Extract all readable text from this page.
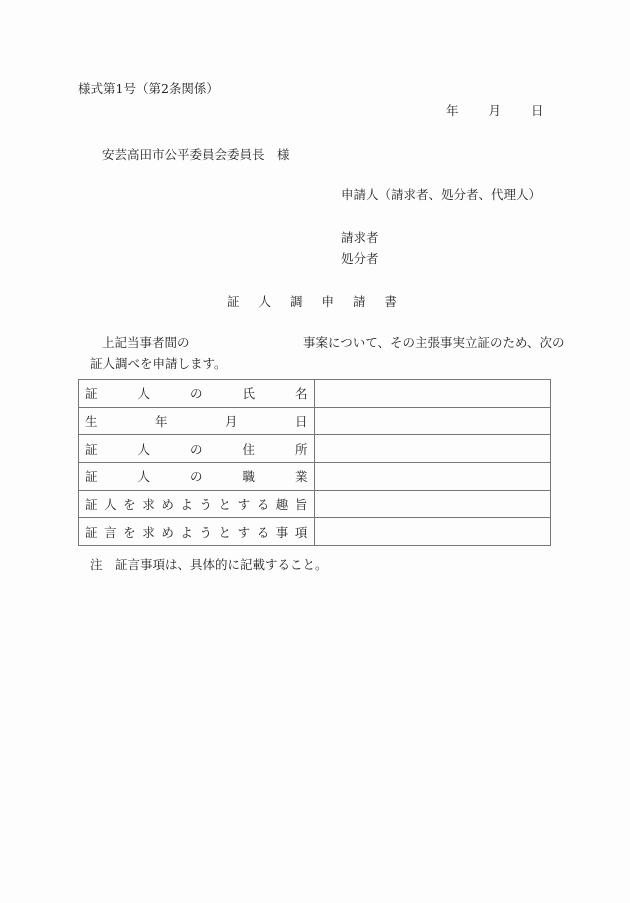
様式第1号（第2条関係）
年 月 日
安芸高田市公平委員会委員長　様
申請人（請求者、処分者、代理人）
請求者
処分者
証 人 調 申 請 書
上記当事者間の	事案について、その主張事実立証のため、次の
証人調べを申請します。
証 人 の 氏 名	

生 年 月 日	

証 人 の 住 所	

証 人 の 職 業	

証 人 を 求 め よ う と す る 趣 旨

証 言 を 求 め よ う と す る 事 項

注　証言事項は、具体的に記載すること。
